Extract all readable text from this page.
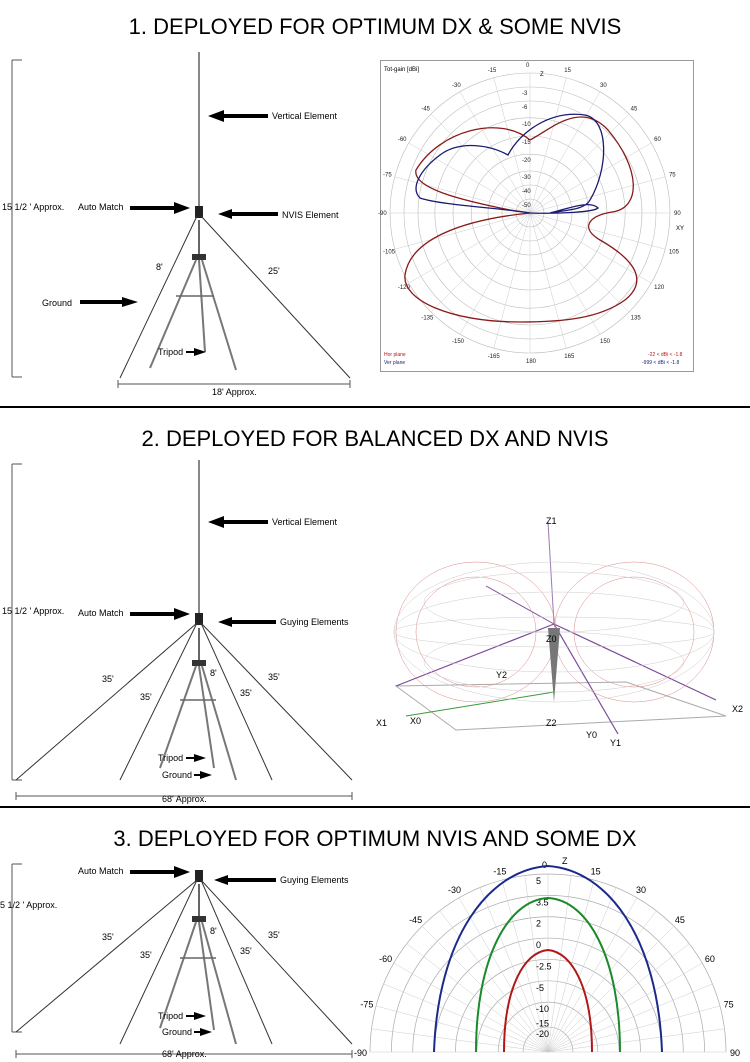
1. DEPLOYED FOR OPTIMUM DX & SOME NVIS
Vertical Element
15 1/2 ' Approx. Auto Match
NVIS Element
8'	25'
Ground
Tripod
18' Approx.
Tot-gain [dBi]
0
15
30
45
60
75
90
105
120
135
150
165
180
-165
-150
-135
-120
-105
-90
-75
-60
-45
-30
-15
-3
-6
-10
-15
-20
-30
-40
-50
Z
XY
Hor plane
Ver plane
-22 < dBi < -1.8
-999 < dBi < -1.8
2. DEPLOYED FOR BALANCED DX AND NVIS
Vertical Element
15 1/2 ' Approx. Auto Match
Guying Elements
35'
35'
8'
35'
35'
Tripod
Ground
68' Approx.
Z1
Z0
Z2
X1	X0
X2
Y0
Y1
Y2
3. DEPLOYED FOR OPTIMUM NVIS AND SOME DX
Auto Match
Guying Elements
5 1/2 ' Approx.
35'
35'
8'
35'
35'
Tripod
Ground
68' Approx.
0
15
30
45
60
75
90
-15
-30
-45
-60
-75
-90
5
3.5
2
0
-2.5
-5
-10
-15
-20
Z
